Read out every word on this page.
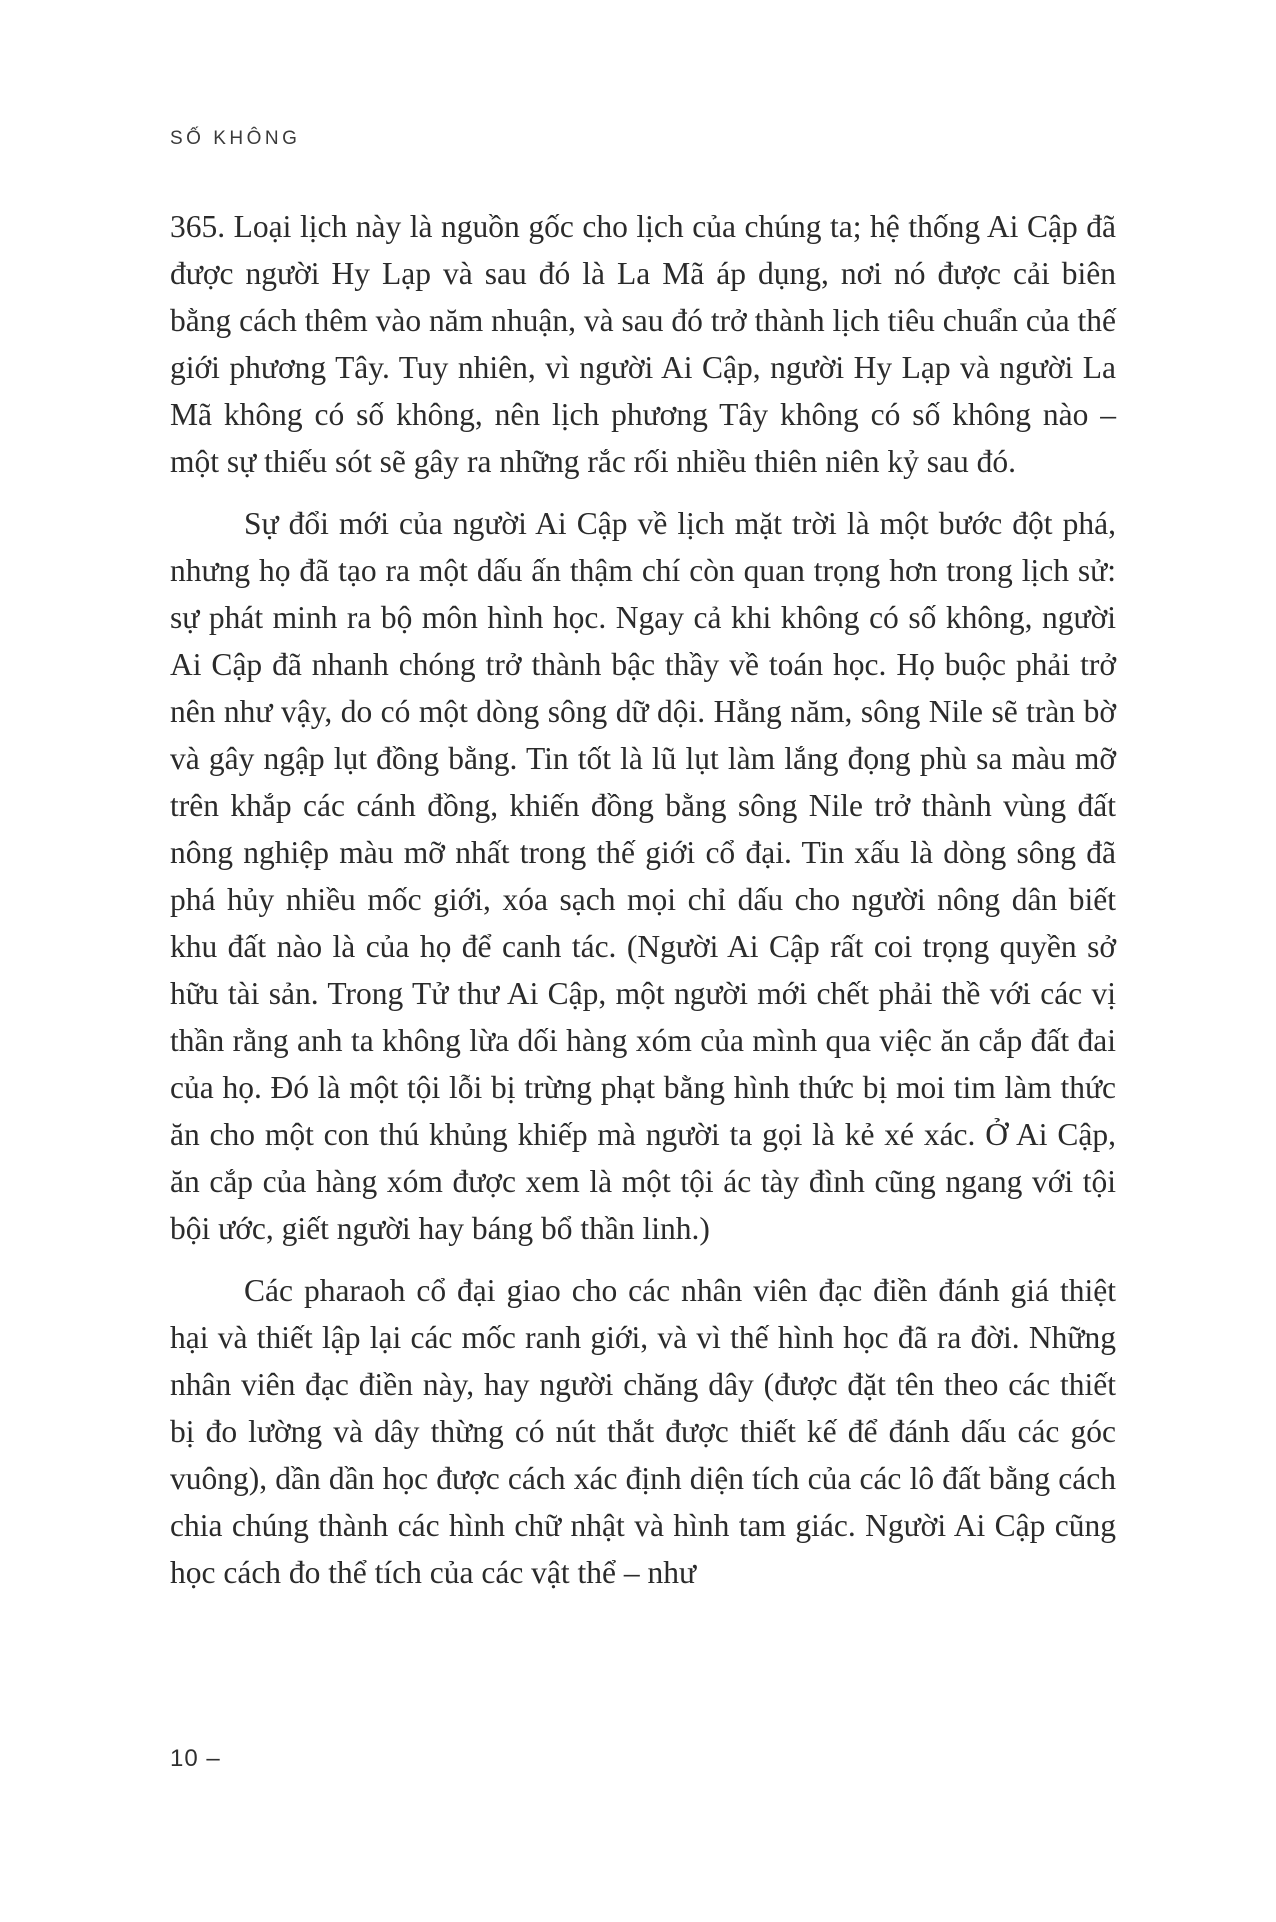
SỐ KHÔNG

365. Loại lịch này là nguồn gốc cho lịch của chúng ta; hệ thống Ai Cập đã được người Hy Lạp và sau đó là La Mã áp dụng, nơi nó được cải biên bằng cách thêm vào năm nhuận, và sau đó trở thành lịch tiêu chuẩn của thế giới phương Tây. Tuy nhiên, vì người Ai Cập, người Hy Lạp và người La Mã không có số không, nên lịch phương Tây không có số không nào – một sự thiếu sót sẽ gây ra những rắc rối nhiều thiên niên kỷ sau đó.

Sự đổi mới của người Ai Cập về lịch mặt trời là một bước đột phá, nhưng họ đã tạo ra một dấu ấn thậm chí còn quan trọng hơn trong lịch sử: sự phát minh ra bộ môn hình học. Ngay cả khi không có số không, người Ai Cập đã nhanh chóng trở thành bậc thầy về toán học. Họ buộc phải trở nên như vậy, do có một dòng sông dữ dội. Hằng năm, sông Nile sẽ tràn bờ và gây ngập lụt đồng bằng. Tin tốt là lũ lụt làm lắng đọng phù sa màu mỡ trên khắp các cánh đồng, khiến đồng bằng sông Nile trở thành vùng đất nông nghiệp màu mỡ nhất trong thế giới cổ đại. Tin xấu là dòng sông đã phá hủy nhiều mốc giới, xóa sạch mọi chỉ dấu cho người nông dân biết khu đất nào là của họ để canh tác. (Người Ai Cập rất coi trọng quyền sở hữu tài sản. Trong Tử thư Ai Cập, một người mới chết phải thề với các vị thần rằng anh ta không lừa dối hàng xóm của mình qua việc ăn cắp đất đai của họ. Đó là một tội lỗi bị trừng phạt bằng hình thức bị moi tim làm thức ăn cho một con thú khủng khiếp mà người ta gọi là kẻ xé xác. Ở Ai Cập, ăn cắp của hàng xóm được xem là một tội ác tày đình cũng ngang với tội bội ước, giết người hay báng bổ thần linh.)

Các pharaoh cổ đại giao cho các nhân viên đạc điền đánh giá thiệt hại và thiết lập lại các mốc ranh giới, và vì thế hình học đã ra đời. Những nhân viên đạc điền này, hay người chăng dây (được đặt tên theo các thiết bị đo lường và dây thừng có nút thắt được thiết kế để đánh dấu các góc vuông), dần dần học được cách xác định diện tích của các lô đất bằng cách chia chúng thành các hình chữ nhật và hình tam giác. Người Ai Cập cũng học cách đo thể tích của các vật thể – như

10 –
